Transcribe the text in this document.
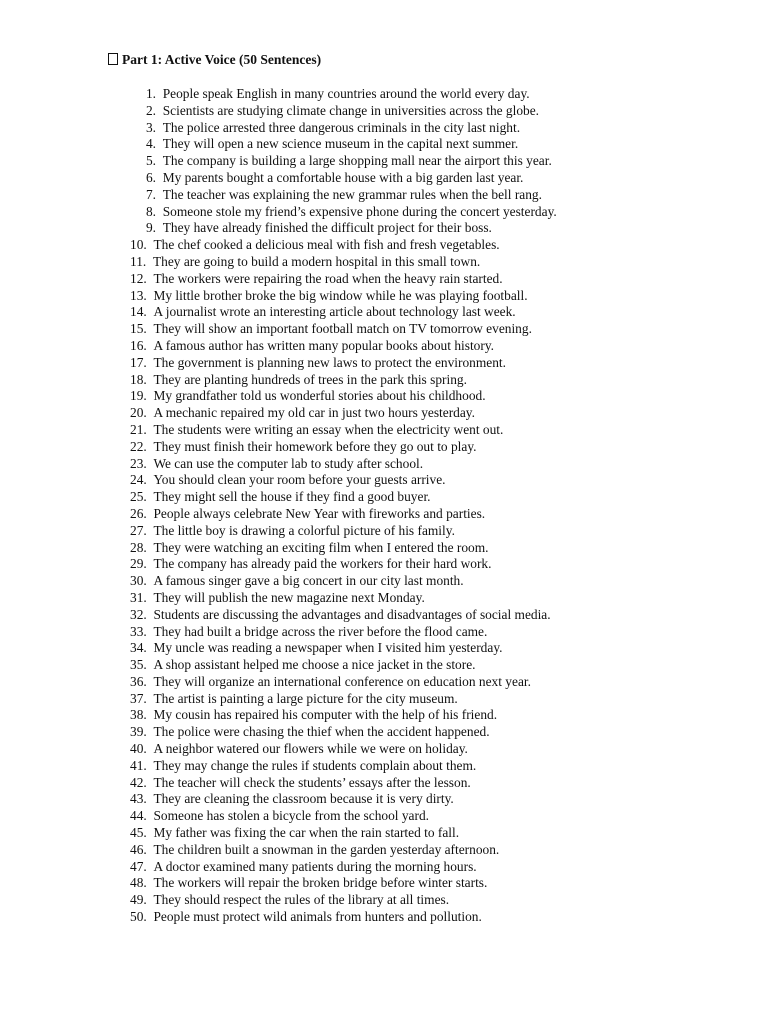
Part 1: Active Voice (50 Sentences)
1. People speak English in many countries around the world every day.
2. Scientists are studying climate change in universities across the globe.
3. The police arrested three dangerous criminals in the city last night.
4. They will open a new science museum in the capital next summer.
5. The company is building a large shopping mall near the airport this year.
6. My parents bought a comfortable house with a big garden last year.
7. The teacher was explaining the new grammar rules when the bell rang.
8. Someone stole my friend’s expensive phone during the concert yesterday.
9. They have already finished the difficult project for their boss.
10. The chef cooked a delicious meal with fish and fresh vegetables.
11. They are going to build a modern hospital in this small town.
12. The workers were repairing the road when the heavy rain started.
13. My little brother broke the big window while he was playing football.
14. A journalist wrote an interesting article about technology last week.
15. They will show an important football match on TV tomorrow evening.
16. A famous author has written many popular books about history.
17. The government is planning new laws to protect the environment.
18. They are planting hundreds of trees in the park this spring.
19. My grandfather told us wonderful stories about his childhood.
20. A mechanic repaired my old car in just two hours yesterday.
21. The students were writing an essay when the electricity went out.
22. They must finish their homework before they go out to play.
23. We can use the computer lab to study after school.
24. You should clean your room before your guests arrive.
25. They might sell the house if they find a good buyer.
26. People always celebrate New Year with fireworks and parties.
27. The little boy is drawing a colorful picture of his family.
28. They were watching an exciting film when I entered the room.
29. The company has already paid the workers for their hard work.
30. A famous singer gave a big concert in our city last month.
31. They will publish the new magazine next Monday.
32. Students are discussing the advantages and disadvantages of social media.
33. They had built a bridge across the river before the flood came.
34. My uncle was reading a newspaper when I visited him yesterday.
35. A shop assistant helped me choose a nice jacket in the store.
36. They will organize an international conference on education next year.
37. The artist is painting a large picture for the city museum.
38. My cousin has repaired his computer with the help of his friend.
39. The police were chasing the thief when the accident happened.
40. A neighbor watered our flowers while we were on holiday.
41. They may change the rules if students complain about them.
42. The teacher will check the students’ essays after the lesson.
43. They are cleaning the classroom because it is very dirty.
44. Someone has stolen a bicycle from the school yard.
45. My father was fixing the car when the rain started to fall.
46. The children built a snowman in the garden yesterday afternoon.
47. A doctor examined many patients during the morning hours.
48. The workers will repair the broken bridge before winter starts.
49. They should respect the rules of the library at all times.
50. People must protect wild animals from hunters and pollution.
